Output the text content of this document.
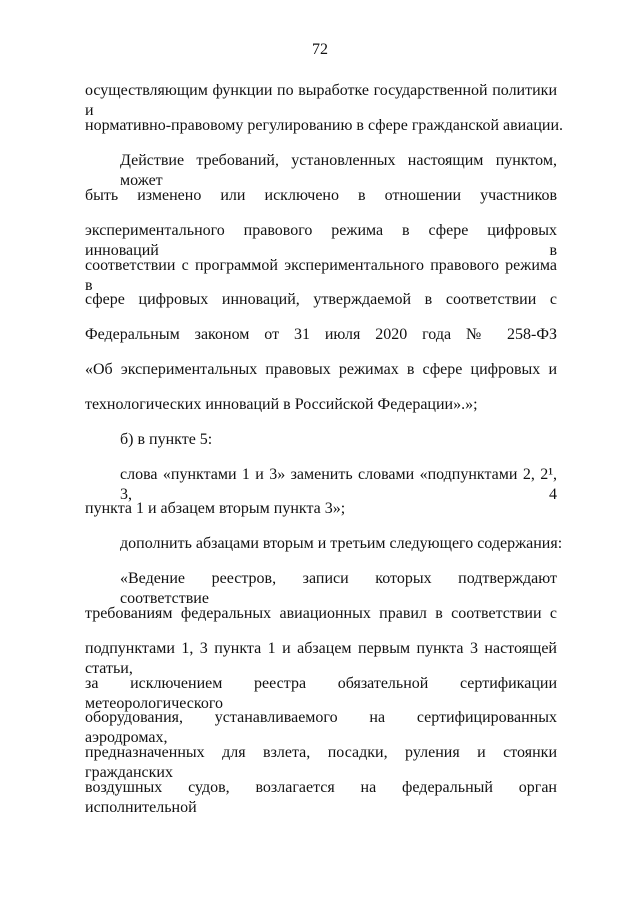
72
осуществляющим функции по выработке государственной политики и
нормативно-правовому регулированию в сфере гражданской авиации.
Действие требований, установленных настоящим пунктом, может
быть изменено или исключено в отношении участников
экспериментального правового режима в сфере цифровых инноваций в
соответствии с программой экспериментального правового режима в
сфере цифровых инноваций, утверждаемой в соответствии с
Федеральным законом от 31 июля 2020 года № 258-ФЗ
«Об экспериментальных правовых режимах в сфере цифровых и
технологических инноваций в Российской Федерации».»;
б) в пункте 5:
слова «пунктами 1 и 3» заменить словами «подпунктами 2, 2¹, 3, 4
пункта 1 и абзацем вторым пункта 3»;
дополнить абзацами вторым и третьим следующего содержания:
«Ведение реестров, записи которых подтверждают соответствие
требованиям федеральных авиационных правил в соответствии с
подпунктами 1, 3 пункта 1 и абзацем первым пункта 3 настоящей статьи,
за исключением реестра обязательной сертификации метеорологического
оборудования, устанавливаемого на сертифицированных аэродромах,
предназначенных для взлета, посадки, руления и стоянки гражданских
воздушных судов, возлагается на федеральный орган исполнительной
